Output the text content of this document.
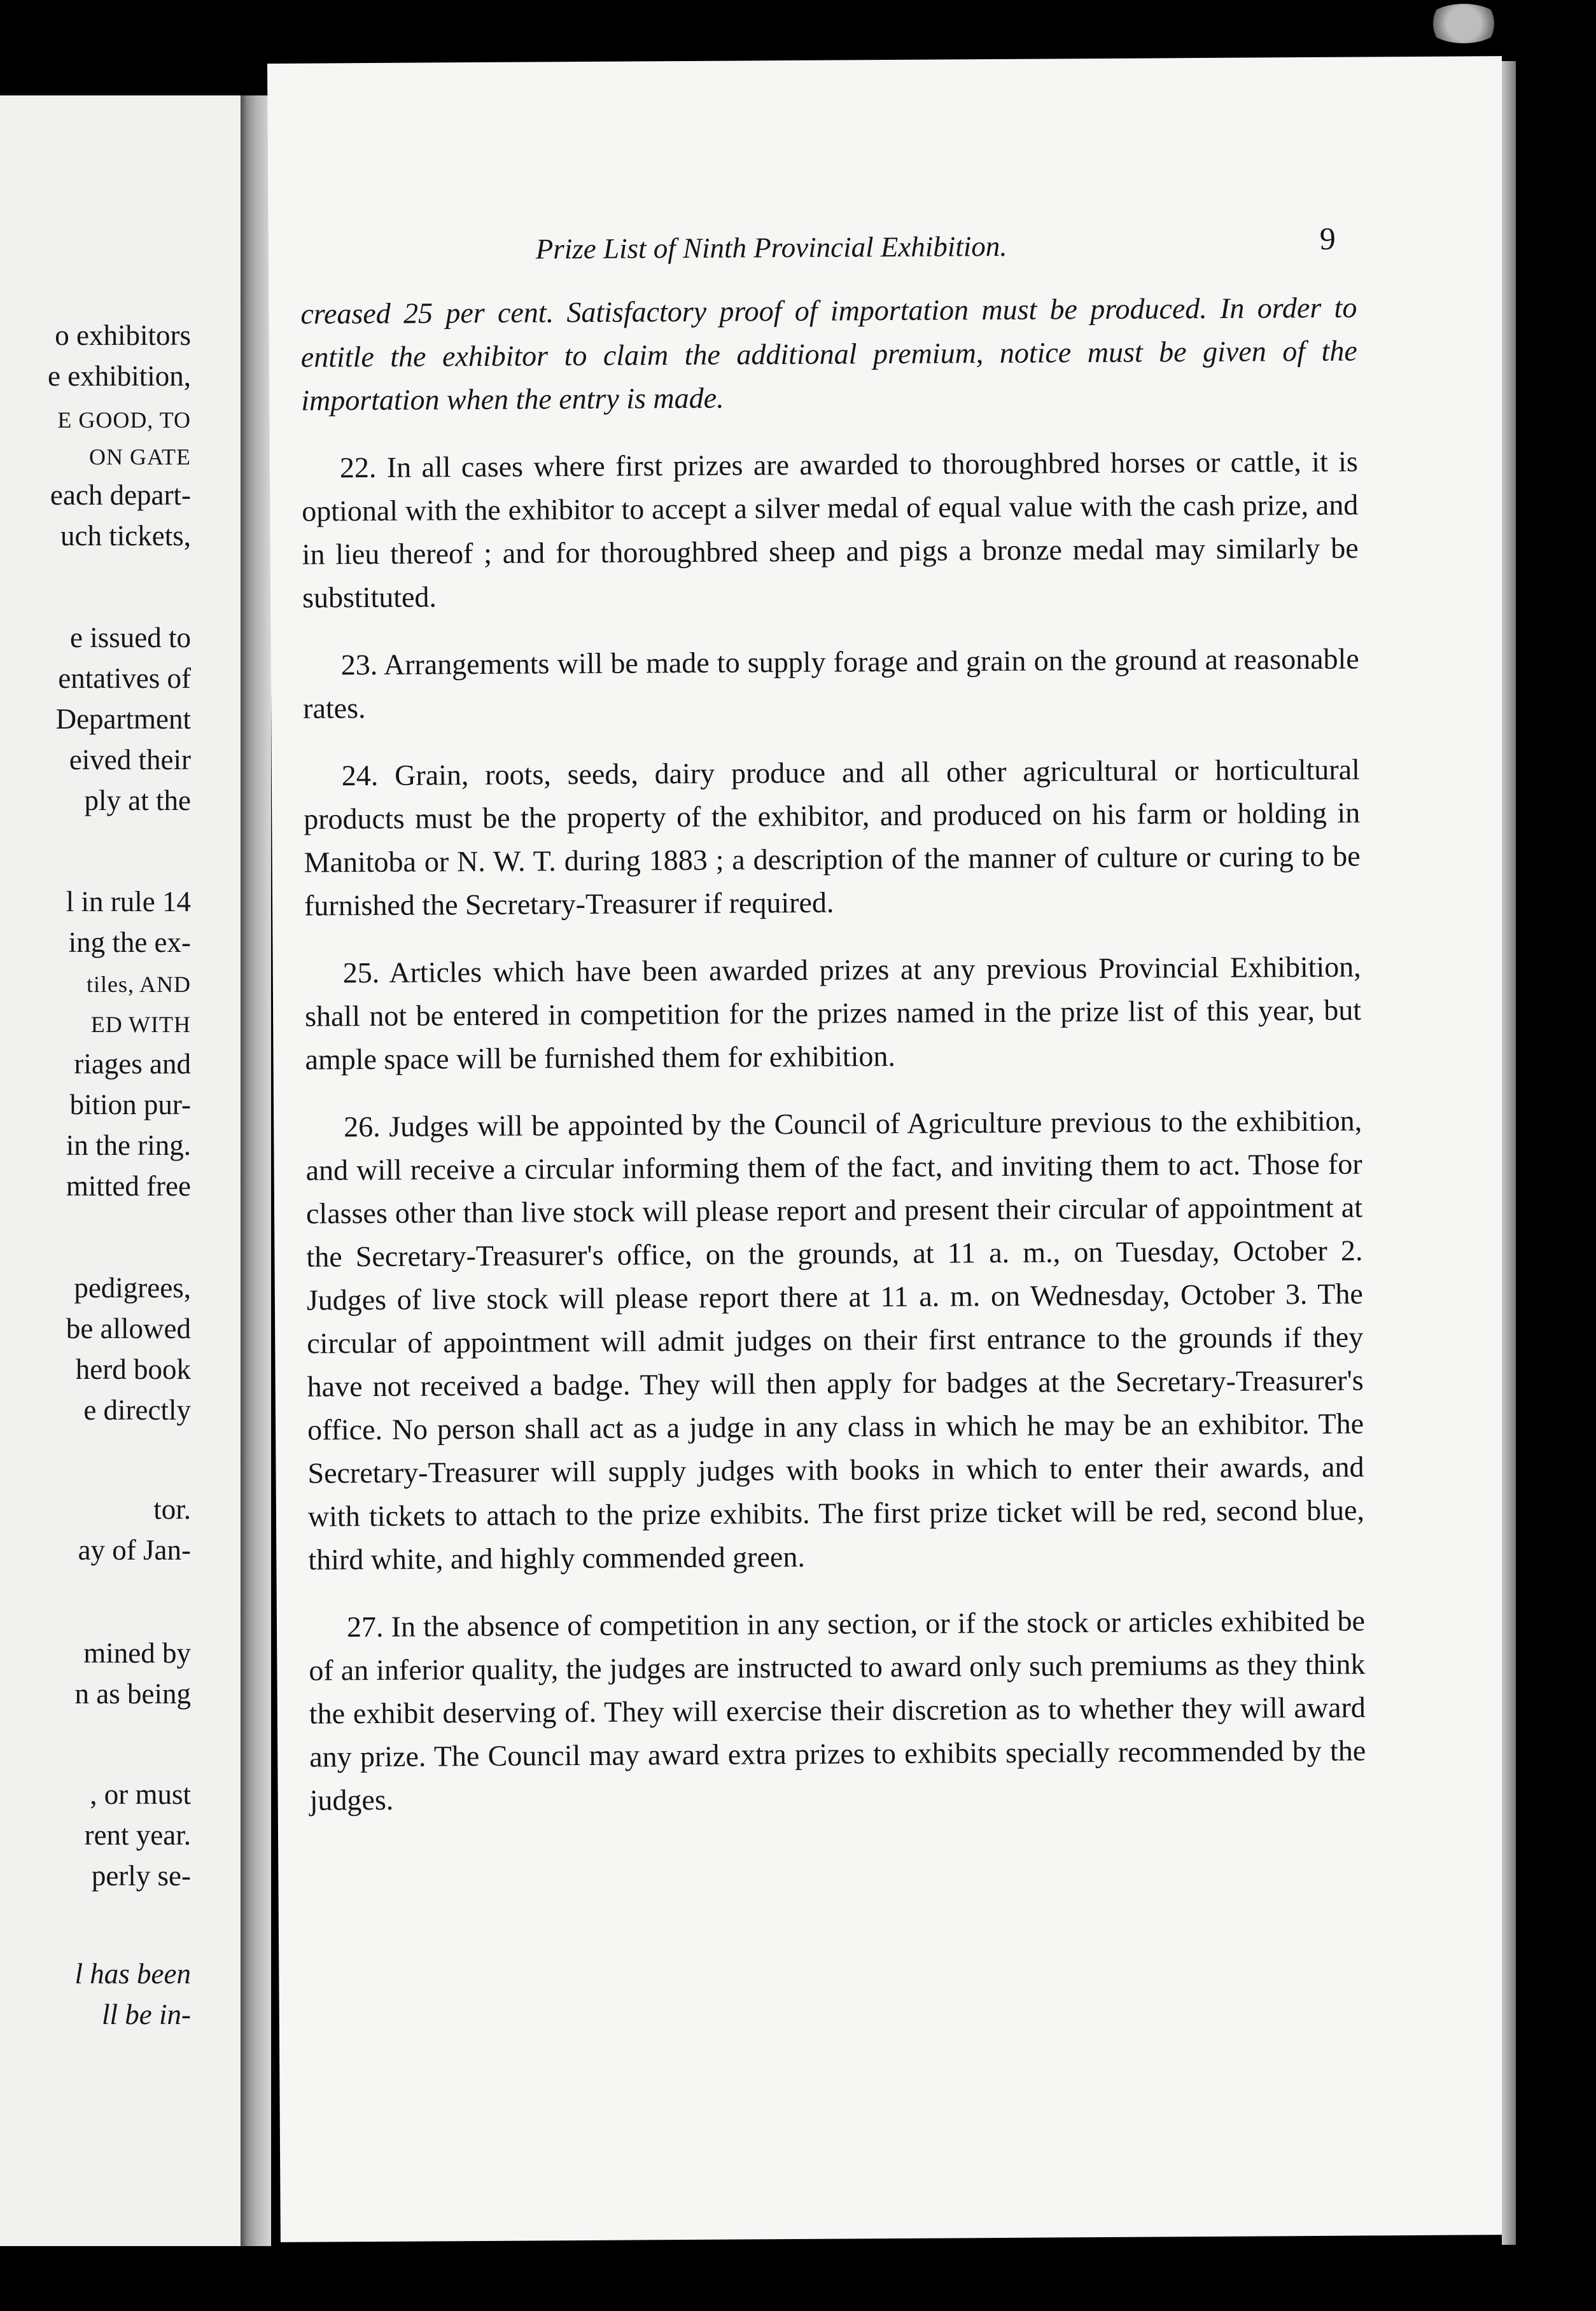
o exhibitors
e exhibition,
E GOOD, TO
ON GATE
each depart-
uch tickets,
e issued to
entatives of
Department
eived their
ply at the
l in rule 14
ing the ex-
tiles, AND
ED WITH
riages and
bition pur-
in the ring.
mitted free
pedigrees,
be allowed
herd book
e directly
tor.
ay of Jan-
mined by
n as being
, or must
rent year.
perly se-
l has been
ll be in-
Prize List of Ninth Provincial Exhibition.	9

creased 25 per cent. Satisfactory proof of importation must be produced. In order to entitle the exhibitor to claim the additional premium, notice must be given of the importation when the entry is made.

22. In all cases where first prizes are awarded to thoroughbred horses or cattle, it is optional with the exhibitor to accept a silver medal of equal value with the cash prize, and in lieu thereof ; and for thoroughbred sheep and pigs a bronze medal may similarly be substituted.

23. Arrangements will be made to supply forage and grain on the ground at reasonable rates.

24. Grain, roots, seeds, dairy produce and all other agricultural or horticultural products must be the property of the exhibitor, and produced on his farm or holding in Manitoba or N. W. T. during 1883 ; a description of the manner of culture or curing to be furnished the Secretary-Treasurer if required.

25. Articles which have been awarded prizes at any previous Provincial Exhibition, shall not be entered in competition for the prizes named in the prize list of this year, but ample space will be furnished them for exhibition.

26. Judges will be appointed by the Council of Agriculture previous to the exhibition, and will receive a circular informing them of the fact, and inviting them to act. Those for classes other than live stock will please report and present their circular of appointment at the Secretary-Treasurer's office, on the grounds, at 11 a. m., on Tuesday, October 2. Judges of live stock will please report there at 11 a. m. on Wednesday, October 3. The circular of appointment will admit judges on their first entrance to the grounds if they have not received a badge. They will then apply for badges at the Secretary-Treasurer's office. No person shall act as a judge in any class in which he may be an exhibitor. The Secretary-Treasurer will supply judges with books in which to enter their awards, and with tickets to attach to the prize exhibits. The first prize ticket will be red, second blue, third white, and highly commended green.

27. In the absence of competition in any section, or if the stock or articles exhibited be of an inferior quality, the judges are instructed to award only such premiums as they think the exhibit deserving of. They will exercise their discretion as to whether they will award any prize. The Council may award extra prizes to exhibits specially recommended by the judges.
